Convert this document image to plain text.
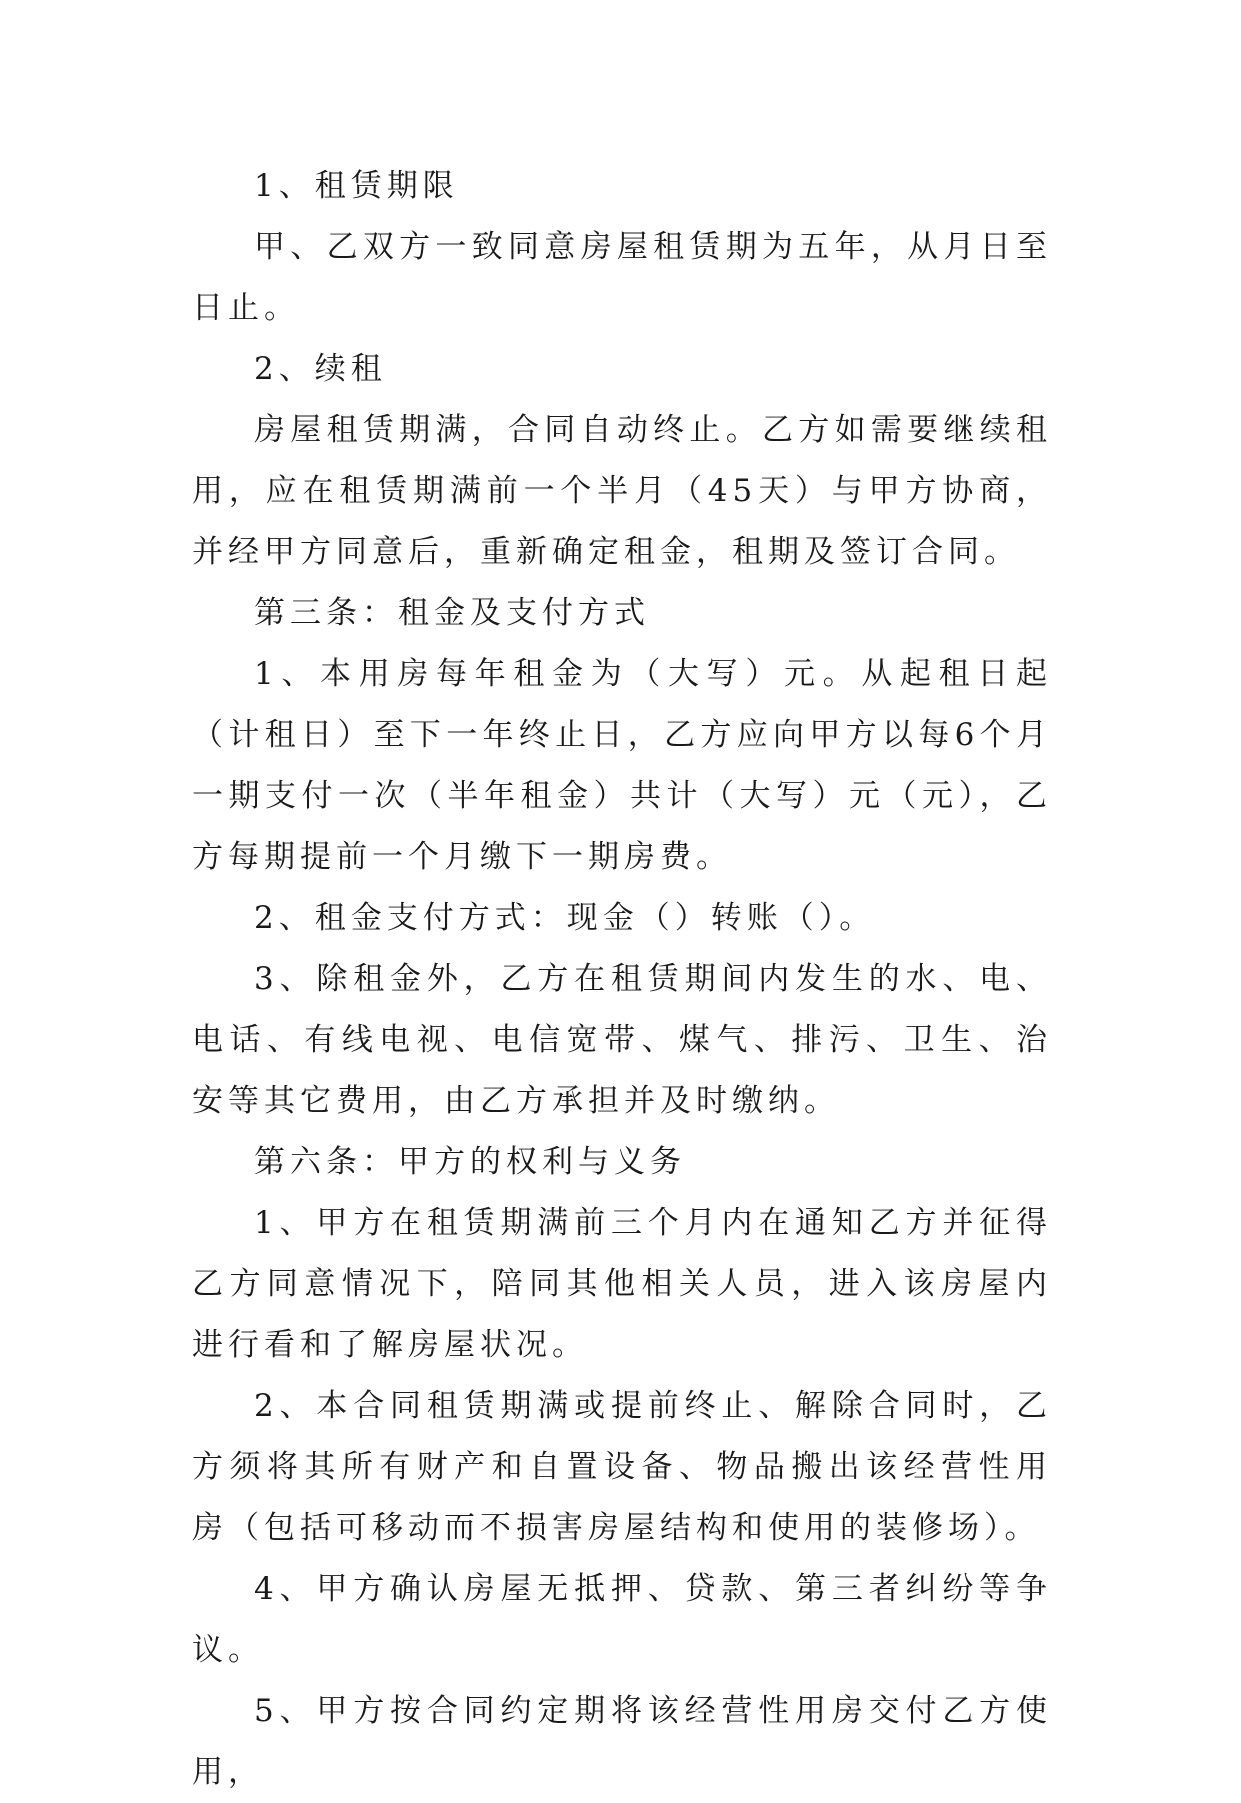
1、租赁期限

甲、乙双方一致同意房屋租赁期为五年，从月日至日止。

2、续租

房屋租赁期满，合同自动终止。乙方如需要继续租用，应在租赁期满前一个半月（45天）与甲方协商，并经甲方同意后，重新确定租金，租期及签订合同。

第三条：租金及支付方式

1、本用房每年租金为（大写）元。从起租日起（计租日）至下一年终止日，乙方应向甲方以每6个月一期支付一次（半年租金）共计（大写）元（元），乙方每期提前一个月缴下一期房费。

2、租金支付方式：现金（）转账（）。

3、除租金外，乙方在租赁期间内发生的水、电、电话、有线电视、电信宽带、煤气、排污、卫生、治安等其它费用，由乙方承担并及时缴纳。

第六条：甲方的权利与义务

1、甲方在租赁期满前三个月内在通知乙方并征得乙方同意情况下，陪同其他相关人员，进入该房屋内进行看和了解房屋状况。

2、本合同租赁期满或提前终止、解除合同时，乙方须将其所有财产和自置设备、物品搬出该经营性用房（包括可移动而不损害房屋结构和使用的装修场）。

4、甲方确认房屋无抵押、贷款、第三者纠纷等争议。

5、甲方按合同约定期将该经营性用房交付乙方使用，
